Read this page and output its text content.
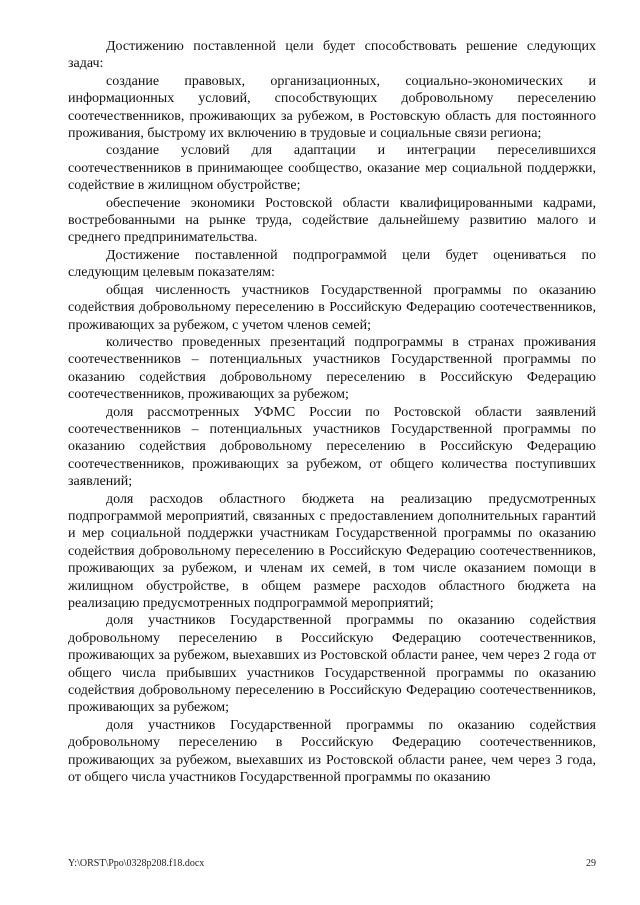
Достижению поставленной цели будет способствовать решение следующих задач:

создание правовых, организационных, социально-экономических и информационных условий, способствующих добровольному переселению соотечественников, проживающих за рубежом, в Ростовскую область для постоянного проживания, быстрому их включению в трудовые и социальные связи региона;

создание условий для адаптации и интеграции переселившихся соотечественников в принимающее сообщество, оказание мер социальной поддержки, содействие в жилищном обустройстве;

обеспечение экономики Ростовской области квалифицированными кадрами, востребованными на рынке труда, содействие дальнейшему развитию малого и среднего предпринимательства.

Достижение поставленной подпрограммой цели будет оцениваться по следующим целевым показателям:

общая численность участников Государственной программы по оказанию содействия добровольному переселению в Российскую Федерацию соотечественников, проживающих за рубежом, с учетом членов семей;

количество проведенных презентаций подпрограммы в странах проживания соотечественников – потенциальных участников Государственной программы по оказанию содействия добровольному переселению в Российскую Федерацию соотечественников, проживающих за рубежом;

доля рассмотренных УФМС России по Ростовской области заявлений соотечественников – потенциальных участников Государственной программы по оказанию содействия добровольному переселению в Российскую Федерацию соотечественников, проживающих за рубежом, от общего количества поступивших заявлений;

доля расходов областного бюджета на реализацию предусмотренных подпрограммой мероприятий, связанных с предоставлением дополнительных гарантий и мер социальной поддержки участникам Государственной программы по оказанию содействия добровольному переселению в Российскую Федерацию соотечественников, проживающих за рубежом, и членам их семей, в том числе оказанием помощи в жилищном обустройстве, в общем размере расходов областного бюджета на реализацию предусмотренных подпрограммой мероприятий;

доля участников Государственной программы по оказанию содействия добровольному переселению в Российскую Федерацию соотечественников, проживающих за рубежом, выехавших из Ростовской области ранее, чем через 2 года от общего числа прибывших участников Государственной программы по оказанию содействия добровольному переселению в Российскую Федерацию соотечественников, проживающих за рубежом;

доля участников Государственной программы по оказанию содействия добровольному переселению в Российскую Федерацию соотечественников, проживающих за рубежом, выехавших из Ростовской области ранее, чем через 3 года, от общего числа участников Государственной программы по оказанию

Y:\ORST\Ppo\0328p208.f18.docx	29
